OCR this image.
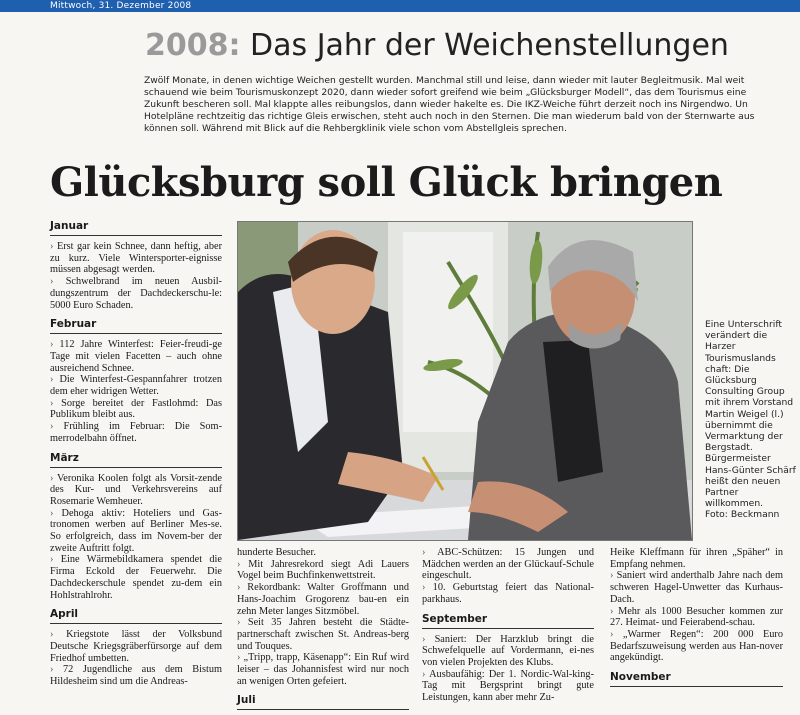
Mittwoch, 31. Dezember 2008
2008: Das Jahr der Weichenstellungen

Zwölf Monate, in denen wichtige Weichen gestellt wurden. Manchmal still und leise, dann wieder mit lauter Begleitmusik. Mal weit

schauend wie beim Tourismuskonzept 2020, dann wieder sofort greifend wie beim „Glücksburger Modell“, das dem Tourismus eine

Zukunft bescheren soll. Mal klappte alles reibungslos, dann wieder hakelte es. Die IKZ-Weiche führt derzeit noch ins Nirgendwo. Un

Hotelpläne rechtzeitig das richtige Gleis erwischen, steht auch noch in den Sternen. Die man wiederum bald von der Sternwarte aus

können soll. Während mit Blick auf die Rehbergklinik viele schon vom Abstellgleis sprechen.

Glücksburg soll Glück bringen
Januar

› Erst gar kein Schnee, dann heftig, aber zu kurz. Viele Wintersporter-eignisse müssen abgesagt werden.

› Schwelbrand im neuen Ausbil-dungszentrum der Dachdeckerschu-le: 5000 Euro Schaden.

Februar

› 112 Jahre Winterfest: Feier-freudi-ge Tage mit vielen Facetten – auch ohne ausreichend Schnee.

› Die Winterfest-Gespannfahrer trotzen dem eher widrigen Wetter.

› Sorge bereitet der Fastlohmd: Das Publikum bleibt aus.

› Frühling im Februar: Die Som-merrodelbahn öffnet.

März

› Veronika Koolen folgt als Vorsit-zende des Kur- und Verkehrsvereins auf Rosemarie Wemheuer.

› Dehoga aktiv: Hoteliers und Gas-tronomen werben auf Berliner Mes-se. So erfolgreich, dass im Novem-ber der zweite Auftritt folgt.

› Eine Wärmebildkamera spendet die Firma Eckold der Feuerwehr. Die Dachdeckerschule spendet zu-dem ein Hohlstrahlrohr.

April

› Kriegstote lässt der Volksbund Deutsche Kriegsgräberfürsorge auf dem Friedhof umbetten.

› 72 Jugendliche aus dem Bistum Hildesheim sind um die Andreas-

Eine Unterschrift verändert die Harzer Tourismuslands chaft: Die Glücksburg Consulting Group mit ihrem Vorstand Martin Weigel (l.) übernimmt die Vermarktung der Bergstadt. Bürgermeister Hans-Günter Schärf heißt den neuen Partner willkommen.

Foto: Beckmann

hunderte Besucher.

› Mit Jahresrekord siegt Adi Lauers Vogel beim Buchfinkenwettstreit.

› Rekordbank: Walter Groffmann und Hans-Joachim Grogorenz bau-en ein zehn Meter langes Sitzmöbel.

› Seit 35 Jahren besteht die Städte-partnerschaft zwischen St. Andreas-berg und Touques.

› „Tripp, trapp, Käsenapp“: Ein Ruf wird leiser – das Johannisfest wird nur noch an wenigen Orten gefeiert.

Juli

› ABC-Schützen: 15 Jungen und Mädchen werden an der Glückauf-Schule eingeschult.

› 10. Geburtstag feiert das National-parkhaus.

September

› Saniert: Der Harzklub bringt die Schwefelquelle auf Vordermann, ei-nes von vielen Projekten des Klubs.

› Ausbaufähig: Der 1. Nordic-Wal-king-Tag mit Bergsprint bringt gute Leistungen, kann aber mehr Zu-

Heike Kleffmann für ihren „Späher“ in Empfang nehmen.

› Saniert wird anderthalb Jahre nach dem schweren Hagel-Unwetter das Kurhaus-Dach.

› Mehr als 1000 Besucher kommen zur 27. Heimat- und Feierabend-schau.

› „Warmer Regen“: 200 000 Euro Bedarfszuweisung werden aus Han-nover angekündigt.

November
